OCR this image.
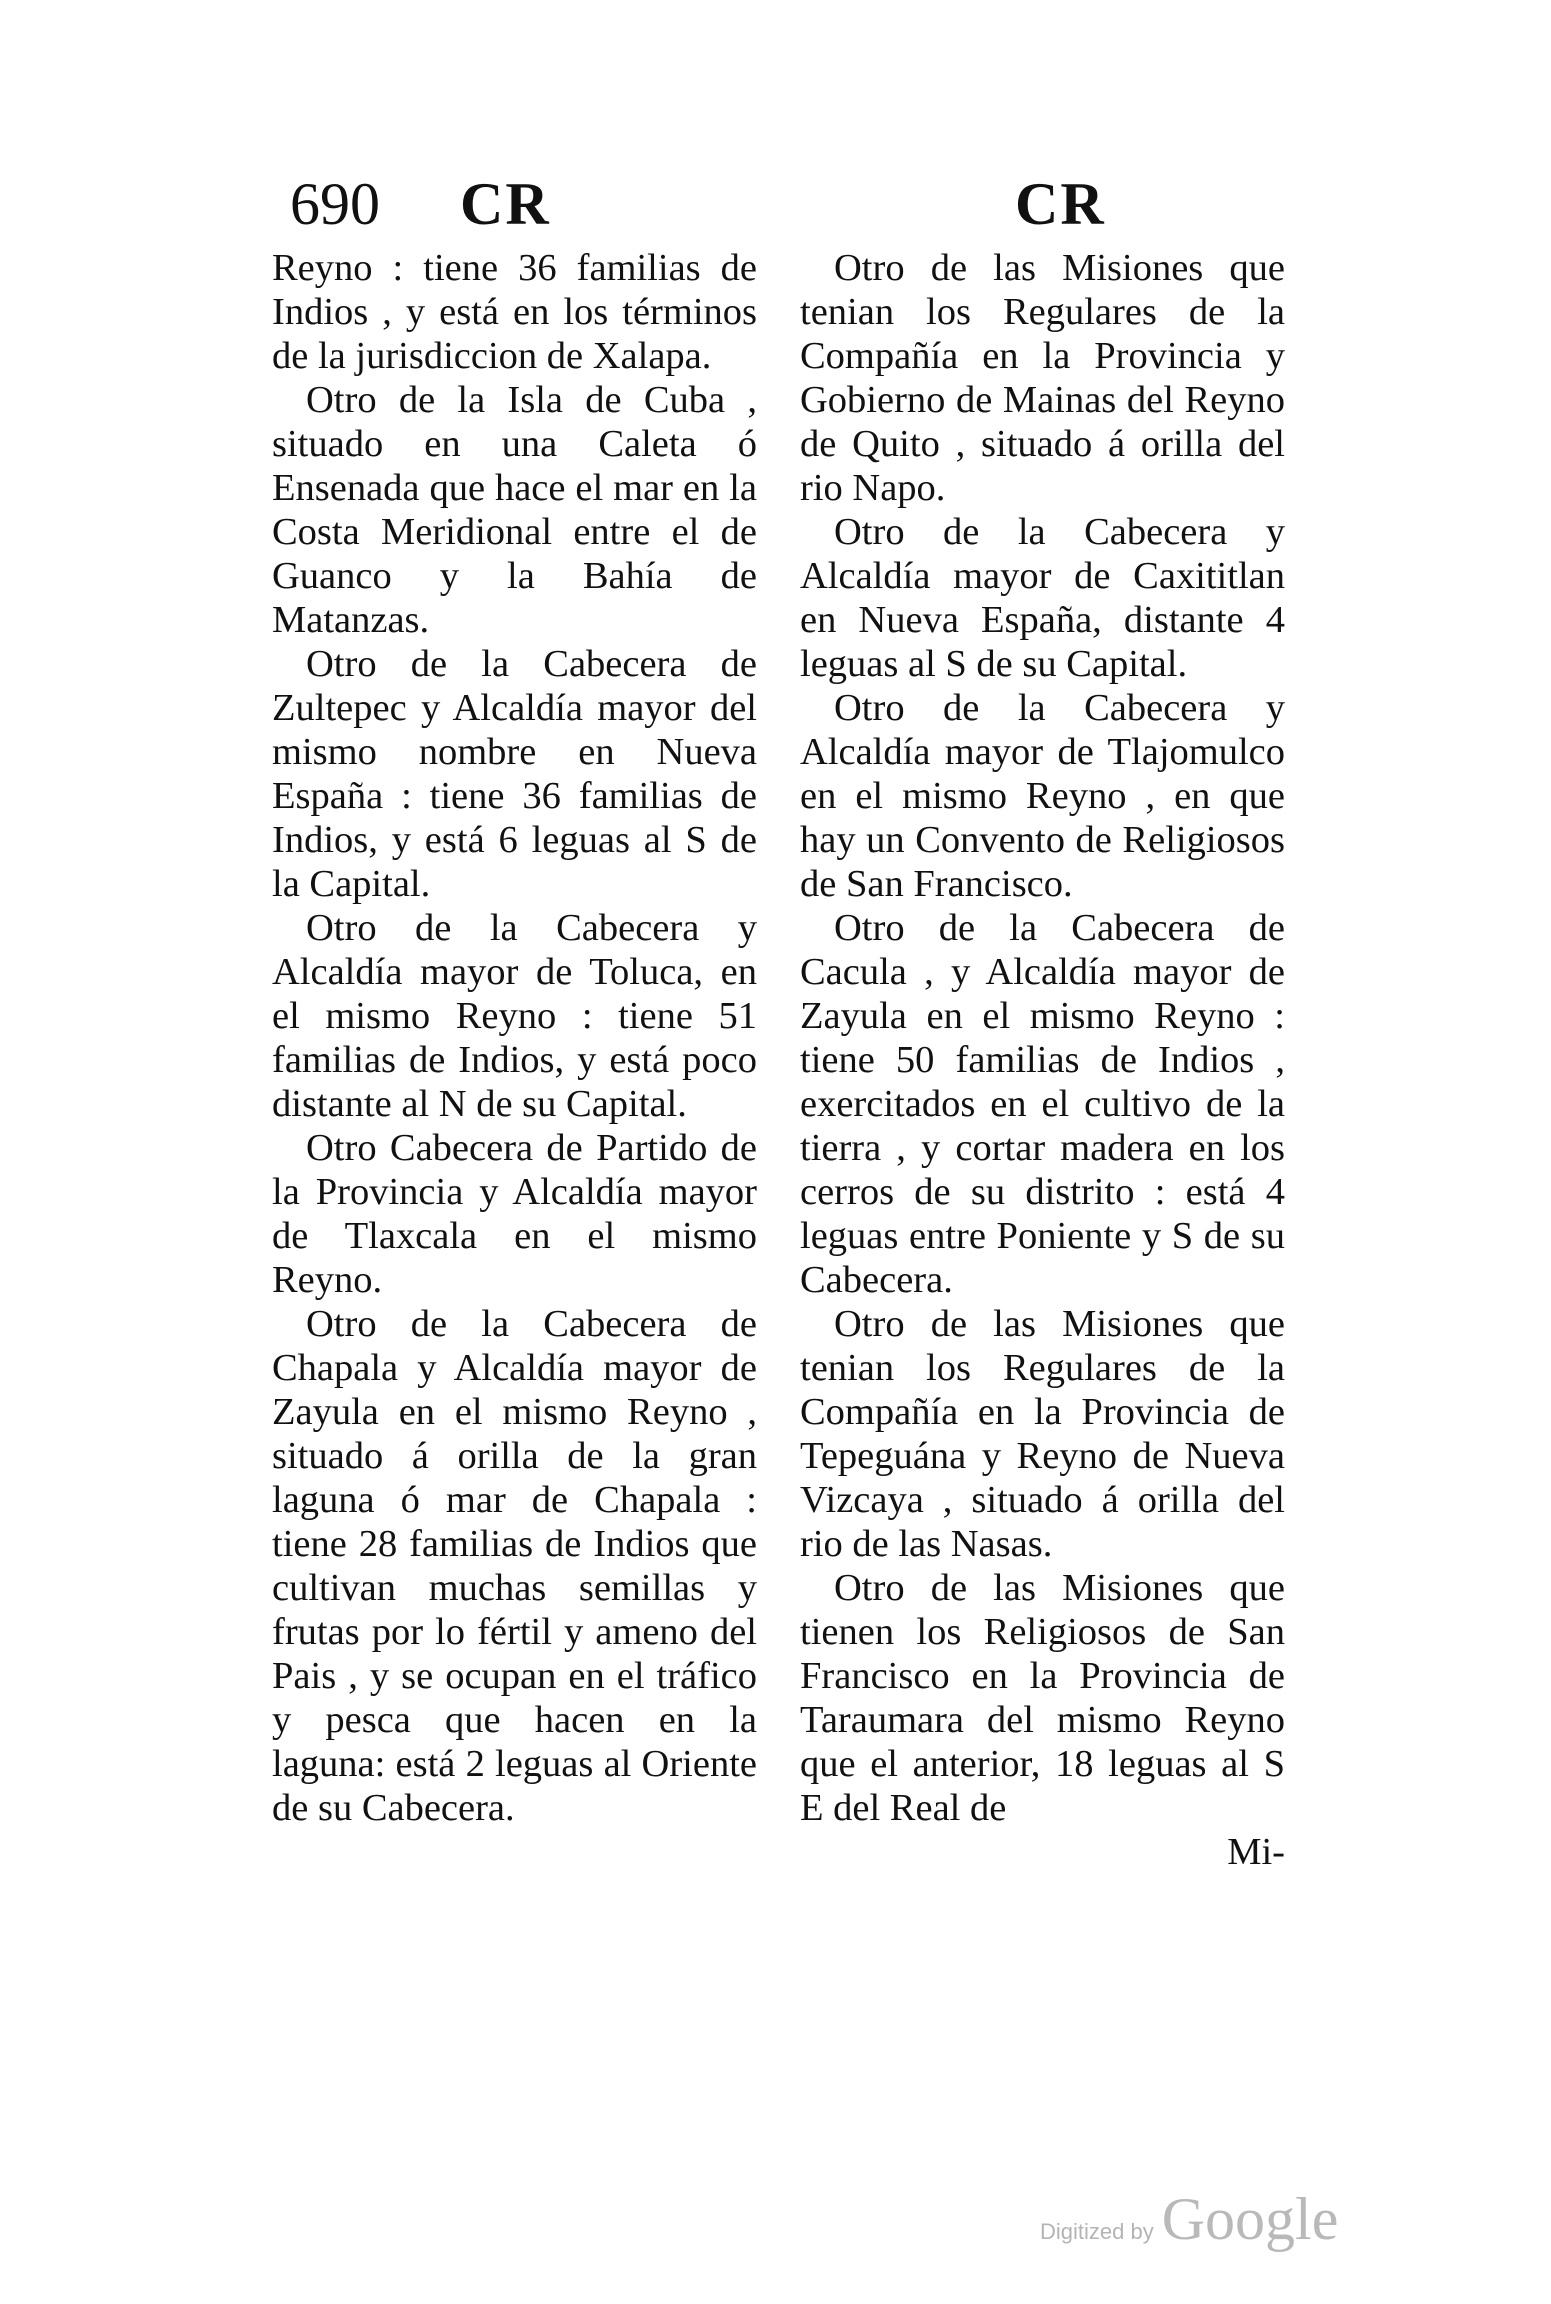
690 CR	CR

Reyno : tiene 36 familias de Indios , y está en los términos de la jurisdiccion de Xalapa.

Otro de la Isla de Cuba , situado en una Caleta ó Ensenada que hace el mar en la Costa Meridional entre el de Guanco y la Bahía de Matanzas.

Otro de la Cabecera de Zultepec y Alcaldía mayor del mismo nombre en Nueva España : tiene 36 familias de Indios, y está 6 leguas al S de la Capital.

Otro de la Cabecera y Alcaldía mayor de Toluca, en el mismo Reyno : tiene 51 familias de Indios, y está poco distante al N de su Capital.

Otro Cabecera de Partido de la Provincia y Alcaldía mayor de Tlaxcala en el mismo Reyno.

Otro de la Cabecera de Chapala y Alcaldía mayor de Zayula en el mismo Reyno , situado á orilla de la gran laguna ó mar de Chapala : tiene 28 familias de Indios que cultivan muchas semillas y frutas por lo fértil y ameno del Pais , y se ocupan en el tráfico y pesca que hacen en la laguna: está 2 leguas al Oriente de su Cabecera.

Otro de las Misiones que tenian los Regulares de la Compañía en la Provincia y Gobierno de Mainas del Reyno de Quito , situado á orilla del rio Napo.

Otro de la Cabecera y Alcaldía mayor de Caxititlan en Nueva España, distante 4 leguas al S de su Capital.

Otro de la Cabecera y Alcaldía mayor de Tlajomulco en el mismo Reyno , en que hay un Convento de Religiosos de San Francisco.

Otro de la Cabecera de Cacula , y Alcaldía mayor de Zayula en el mismo Reyno : tiene 50 familias de Indios , exercitados en el cultivo de la tierra , y cortar madera en los cerros de su distrito : está 4 leguas entre Poniente y S de su Cabecera.

Otro de las Misiones que tenian los Regulares de la Compañía en la Provincia de Tepeguána y Reyno de Nueva Vizcaya , situado á orilla del rio de las Nasas.

Otro de las Misiones que tienen los Religiosos de San Francisco en la Provincia de Taraumara del mismo Reyno que el anterior, 18 leguas al S E del Real de

Mi-

Digitized by Google
